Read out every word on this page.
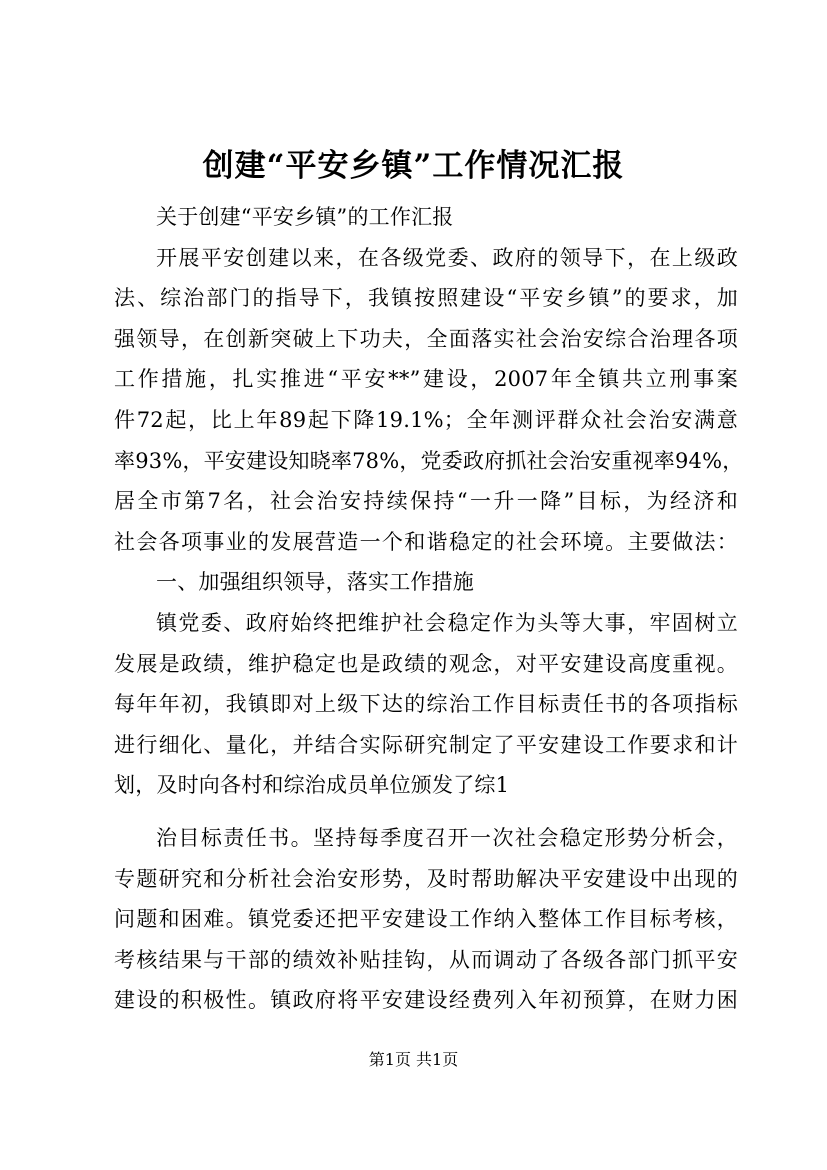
创建“平安乡镇”工作情况汇报
关于创建“平安乡镇”的工作汇报
开展平安创建以来，在各级党委、政府的领导下，在上级政
法、综治部门的指导下，我镇按照建设“平安乡镇”的要求，加
强领导，在创新突破上下功夫，全面落实社会治安综合治理各项
工作措施，扎实推进“平安**”建设，2007年全镇共立刑事案
件72起，比上年89起下降19.1%；全年测评群众社会治安满意
率93%，平安建设知晓率78%，党委政府抓社会治安重视率94%，
居全市第7名，社会治安持续保持“一升一降”目标，为经济和
社会各项事业的发展营造一个和谐稳定的社会环境。主要做法：
一、加强组织领导，落实工作措施
镇党委、政府始终把维护社会稳定作为头等大事，牢固树立
发展是政绩，维护稳定也是政绩的观念，对平安建设高度重视。
每年年初，我镇即对上级下达的综治工作目标责任书的各项指标
进行细化、量化，并结合实际研究制定了平安建设工作要求和计
划，及时向各村和综治成员单位颁发了综1
治目标责任书。坚持每季度召开一次社会稳定形势分析会，
专题研究和分析社会治安形势，及时帮助解决平安建设中出现的
问题和困难。镇党委还把平安建设工作纳入整体工作目标考核，
考核结果与干部的绩效补贴挂钩，从而调动了各级各部门抓平安
建设的积极性。镇政府将平安建设经费列入年初预算，在财力困
第1页 共1页
